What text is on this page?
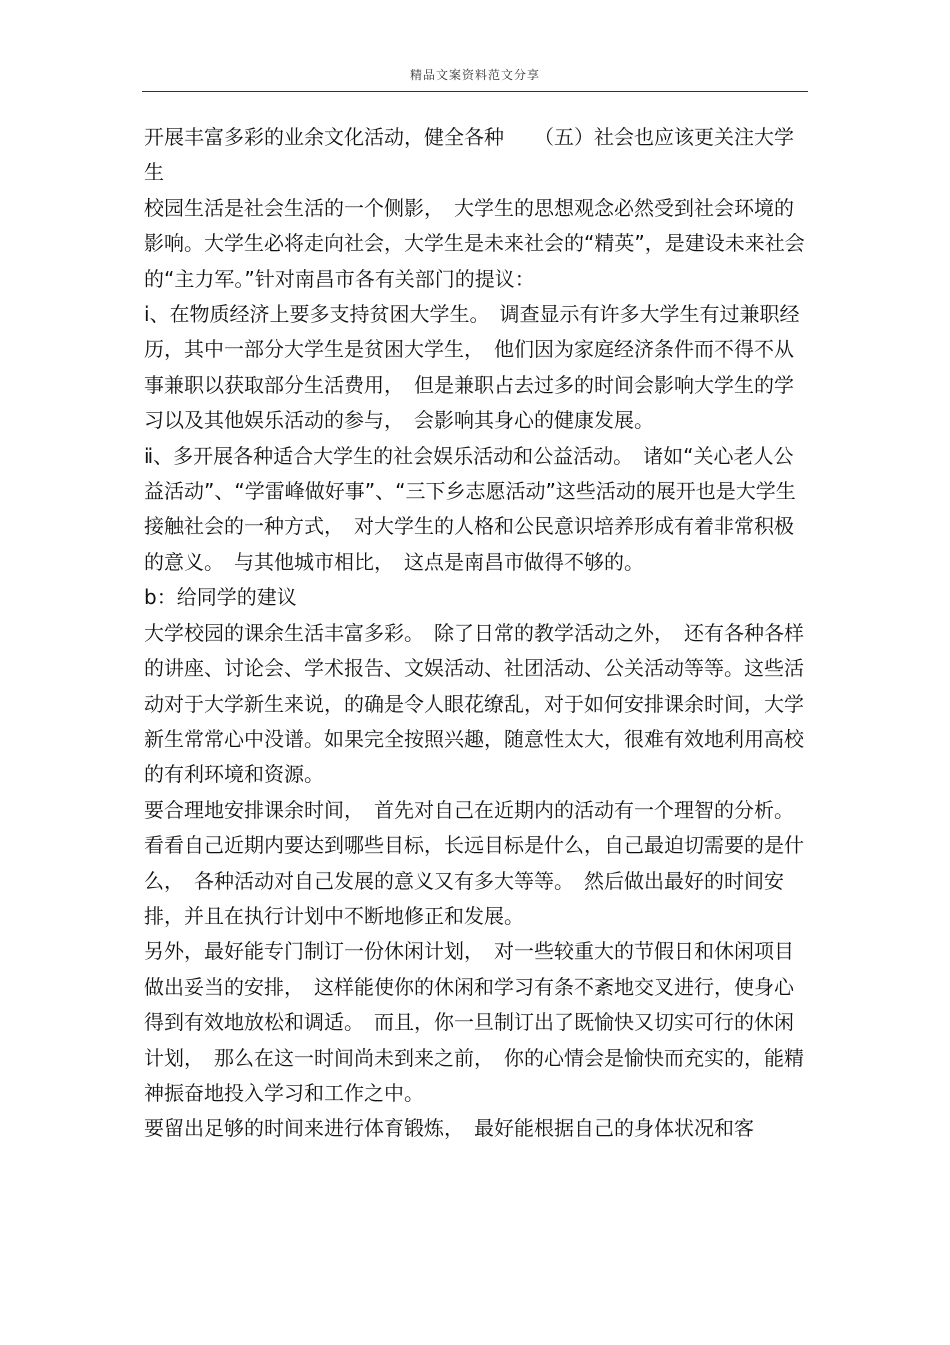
精品文案资料范文分享

开展丰富多彩的业余文化活动，健全各种　　（五）社会也应该更关注大学生

校园生活是社会生活的一个侧影，　大学生的思想观念必然受到社会环境的影响。大学生必将走向社会，大学生是未来社会的“精英”，是建设未来社会的“主力军。”针对南昌市各有关部门的提议：

ⅰ、在物质经济上要多支持贫困大学生。　调查显示有许多大学生有过兼职经历，其中一部分大学生是贫困大学生，　他们因为家庭经济条件而不得不从事兼职以获取部分生活费用，　但是兼职占去过多的时间会影响大学生的学习以及其他娱乐活动的参与，　会影响其身心的健康发展。

ⅱ、多开展各种适合大学生的社会娱乐活动和公益活动。　诸如“关心老人公益活动”、“学雷峰做好事”、“三下乡志愿活动”这些活动的展开也是大学生接触社会的一种方式，　对大学生的人格和公民意识培养形成有着非常积极的意义。　与其他城市相比，　这点是南昌市做得不够的。

b：给同学的建议

大学校园的课余生活丰富多彩。　除了日常的教学活动之外，　还有各种各样的讲座、讨论会、学术报告、文娱活动、社团活动、公关活动等等。这些活动对于大学新生来说，的确是令人眼花缭乱，对于如何安排课余时间，大学新生常常心中没谱。如果完全按照兴趣，随意性太大，很难有效地利用高校的有利环境和资源。

要合理地安排课余时间，　首先对自己在近期内的活动有一个理智的分析。看看自己近期内要达到哪些目标，长远目标是什么，自己最迫切需要的是什么，　各种活动对自己发展的意义又有多大等等。　然后做出最好的时间安排，并且在执行计划中不断地修正和发展。

另外，最好能专门制订一份休闲计划，　对一些较重大的节假日和休闲项目做出妥当的安排，　这样能使你的休闲和学习有条不紊地交叉进行，使身心得到有效地放松和调适。　而且，你一旦制订出了既愉快又切实可行的休闲计划，　那么在这一时间尚未到来之前，　你的心情会是愉快而充实的，能精神振奋地投入学习和工作之中。

要留出足够的时间来进行体育锻炼，　最好能根据自己的身体状况和客
